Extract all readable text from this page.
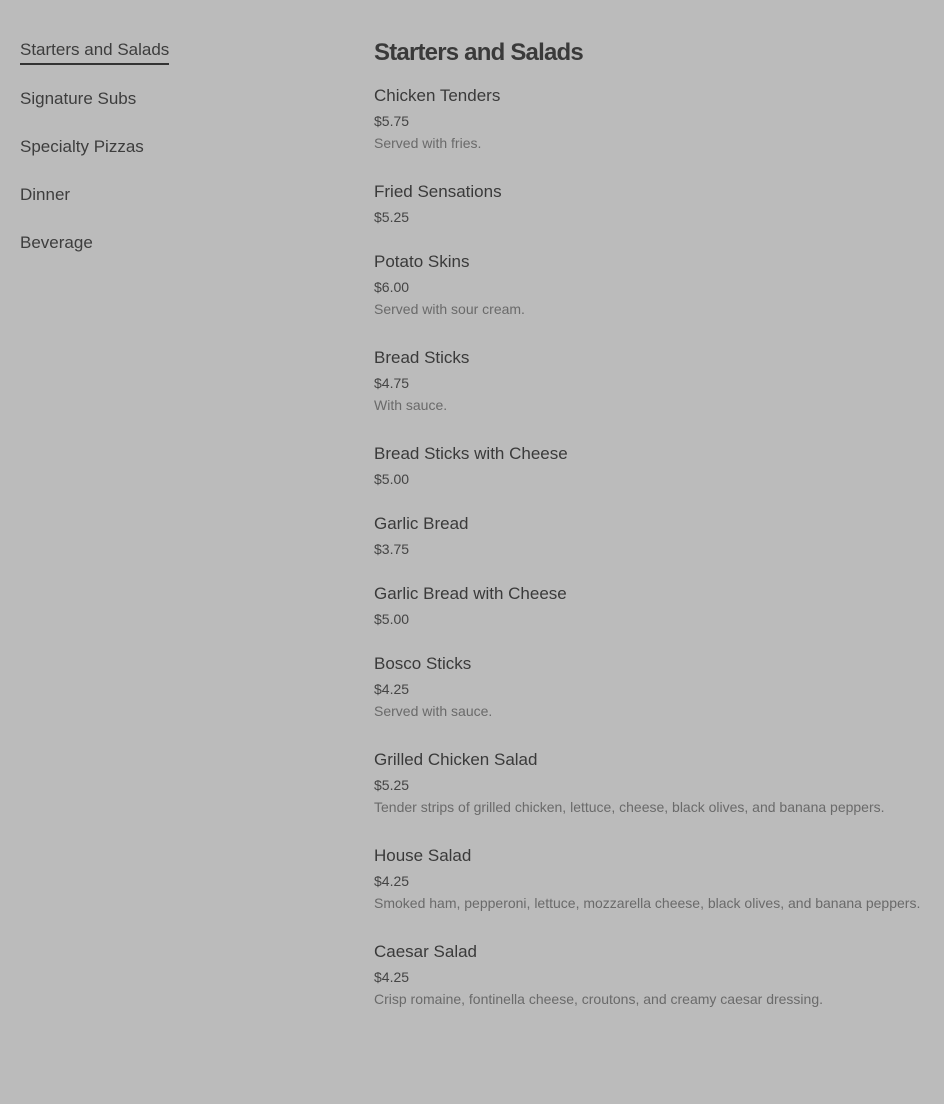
Starters and Salads
Signature Subs
Specialty Pizzas
Dinner
Beverage
Starters and Salads
Chicken Tenders
$5.75
Served with fries.
Fried Sensations
$5.25
Potato Skins
$6.00
Served with sour cream.
Bread Sticks
$4.75
With sauce.
Bread Sticks with Cheese
$5.00
Garlic Bread
$3.75
Garlic Bread with Cheese
$5.00
Bosco Sticks
$4.25
Served with sauce.
Grilled Chicken Salad
$5.25
Tender strips of grilled chicken, lettuce, cheese, black olives, and banana peppers.
House Salad
$4.25
Smoked ham, pepperoni, lettuce, mozzarella cheese, black olives, and banana peppers.
Caesar Salad
$4.25
Crisp romaine, fontinella cheese, croutons, and creamy caesar dressing.
